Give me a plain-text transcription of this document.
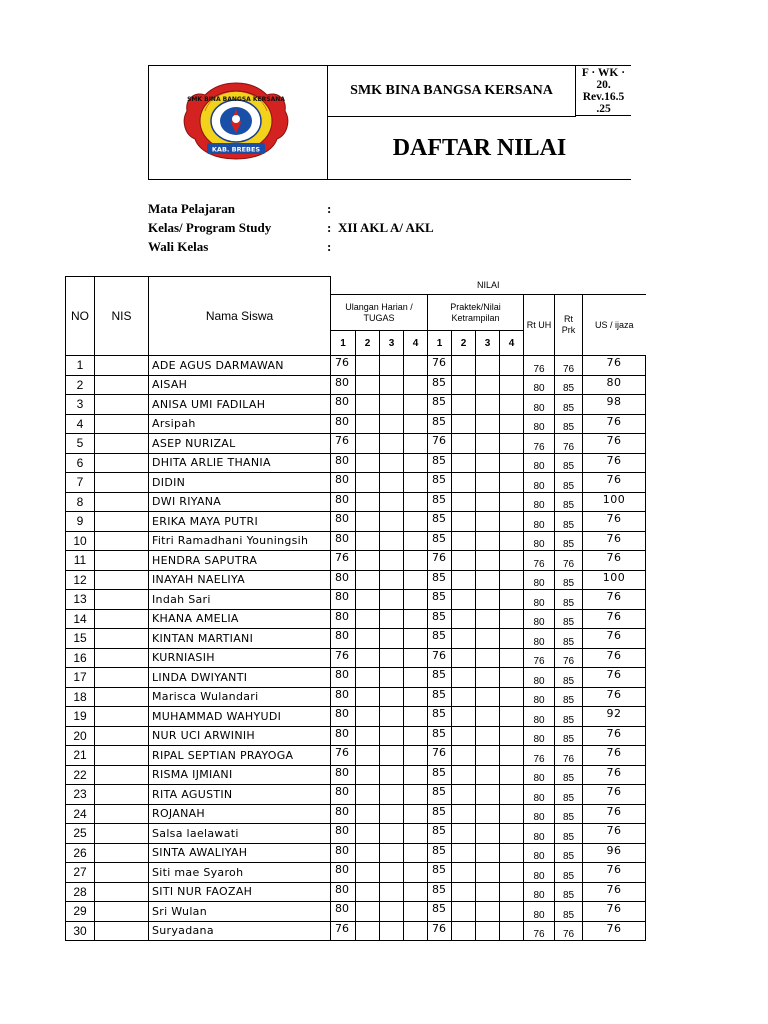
SMK BINA BANGSA KERSANA
KAB. BREBES
SMK BINA BANGSA KERSANA
F · WK ·
20.
Rev.16.5
.25
DAFTAR NILAI
Mata Pelajaran	:
Kelas/ Program Study	: XII AKL A/ AKL
Wali Kelas	:
NO	NIS	Nama Siswa	NILAI										
			Ulangan Harian / TUGAS				Praktek/Nilai Ketrampilan				Rt UH	Rt Prk	US / ijaza
			1	2	3	4	1	2	3	4			
1		ADE AGUS DARMAWAN	76				76				76	76	76
2		AISAH	80				85				80	85	80
3		ANISA UMI FADILAH	80				85				80	85	98
4		Arsipah	80				85				80	85	76
5		ASEP NURIZAL	76				76				76	76	76
6		DHITA ARLIE THANIA	80				85				80	85	76
7		DIDIN	80				85				80	85	76
8		DWI RIYANA	80				85				80	85	100
9		ERIKA MAYA PUTRI	80				85				80	85	76
10		Fitri Ramadhani Youningsih	80				85				80	85	76
11		HENDRA SAPUTRA	76				76				76	76	76
12		INAYAH NAELIYA	80				85				80	85	100
13		Indah Sari	80				85				80	85	76
14		KHANA AMELIA	80				85				80	85	76
15		KINTAN MARTIANI	80				85				80	85	76
16		KURNIASIH	76				76				76	76	76
17		LINDA DWIYANTI	80				85				80	85	76
18		Marisca Wulandari	80				85				80	85	76
19		MUHAMMAD WAHYUDI	80				85				80	85	92
20		NUR UCI ARWINIH	80				85				80	85	76
21		RIPAL SEPTIAN PRAYOGA	76				76				76	76	76
22		RISMA IJMIANI	80				85				80	85	76
23		RITA AGUSTIN	80				85				80	85	76
24		ROJANAH	80				85				80	85	76
25		Salsa laelawati	80				85				80	85	76
26		SINTA AWALIYAH	80				85				80	85	96
27		Siti mae Syaroh	80				85				80	85	76
28		SITI NUR FAOZAH	80				85				80	85	76
29		Sri Wulan	80				85				80	85	76
30		Suryadana	76				76				76	76	76
